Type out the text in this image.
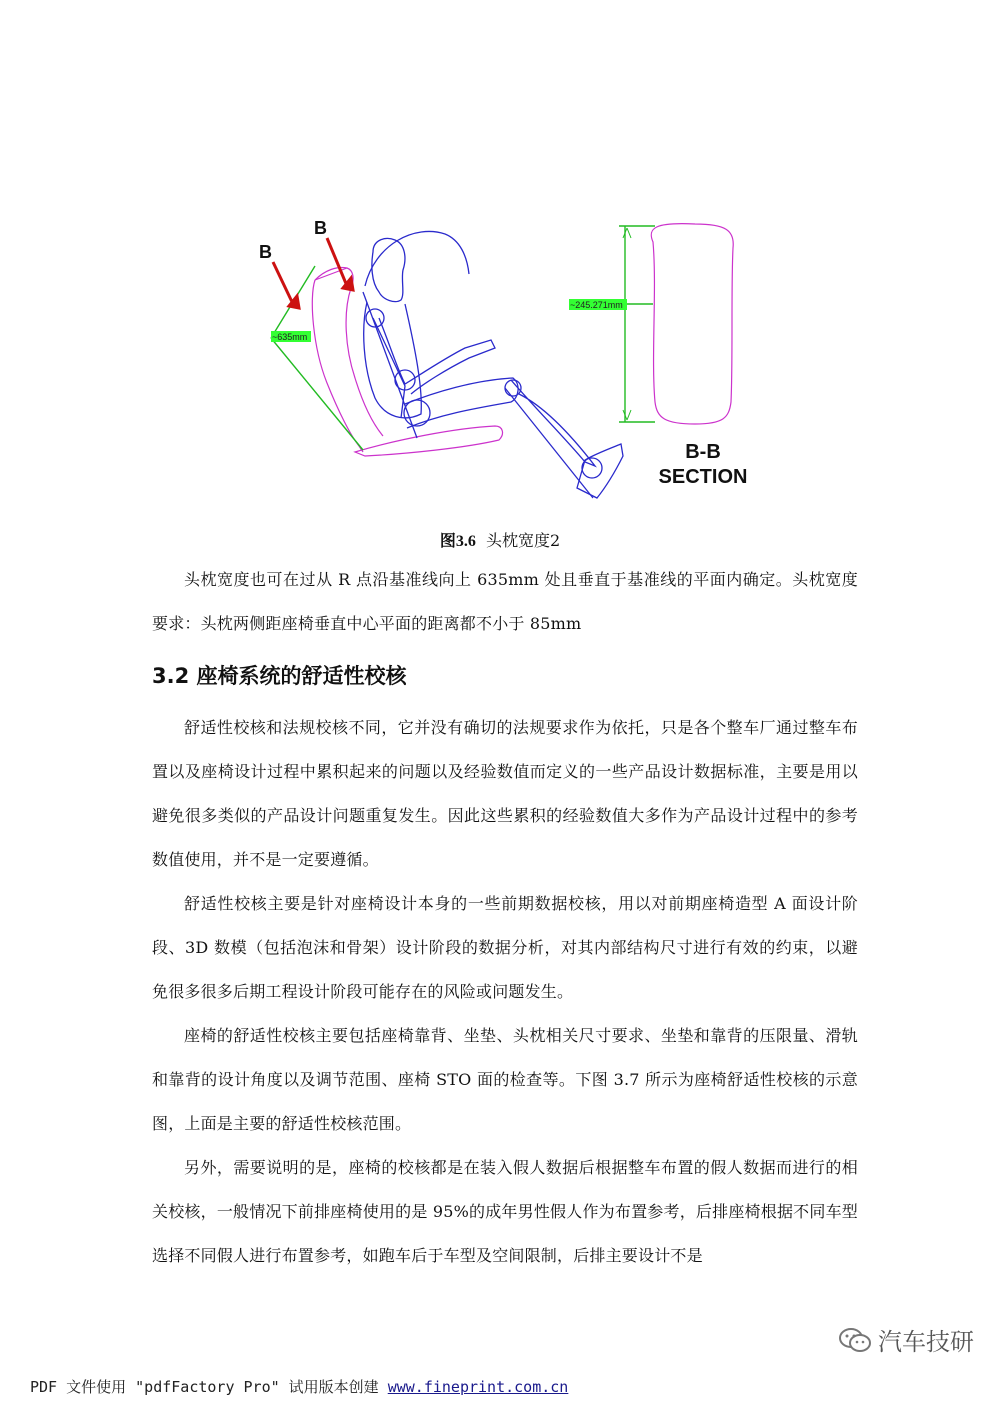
B
B
~635mm
~245.271mm
B-B
SECTION
图3.6 头枕宽度2
头枕宽度也可在过从 R 点沿基准线向上 635mm 处且垂直于基准线的平面内确定。头枕宽度要求：头枕两侧距座椅垂直中心平面的距离都不小于 85mm
3.2 座椅系统的舒适性校核
舒适性校核和法规校核不同，它并没有确切的法规要求作为依托，只是各个整车厂通过整车布置以及座椅设计过程中累积起来的问题以及经验数值而定义的一些产品设计数据标准，主要是用以避免很多类似的产品设计问题重复发生。因此这些累积的经验数值大多作为产品设计过程中的参考数值使用，并不是一定要遵循。
舒适性校核主要是针对座椅设计本身的一些前期数据校核，用以对前期座椅造型 A 面设计阶段、3D 数模（包括泡沫和骨架）设计阶段的数据分析，对其内部结构尺寸进行有效的约束，以避免很多很多后期工程设计阶段可能存在的风险或问题发生。
座椅的舒适性校核主要包括座椅靠背、坐垫、头枕相关尺寸要求、坐垫和靠背的压限量、滑轨和靠背的设计角度以及调节范围、座椅 STO 面的检查等。下图 3.7 所示为座椅舒适性校核的示意图，上面是主要的舒适性校核范围。
另外，需要说明的是，座椅的校核都是在装入假人数据后根据整车布置的假人数据而进行的相关校核，一般情况下前排座椅使用的是 95%的成年男性假人作为布置参考，后排座椅根据不同车型选择不同假人进行布置参考，如跑车后于车型及空间限制，后排主要设计不是
汽车技研
PDF 文件使用 "pdfFactory Pro" 试用版本创建 www.fineprint.com.cn
